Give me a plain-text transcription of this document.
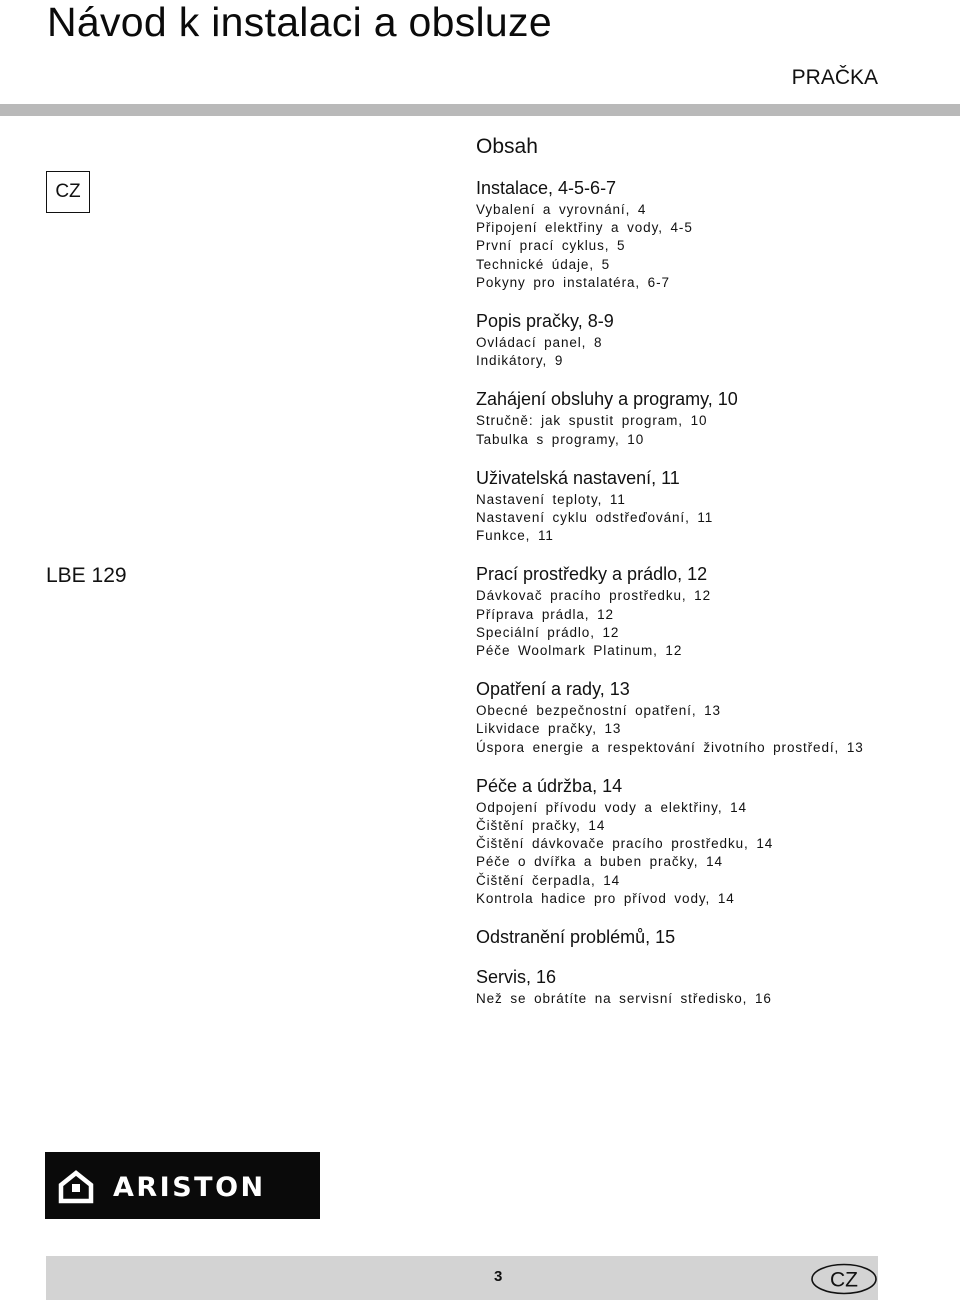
Návod k instalaci a obsluze
PRAČKA
CZ
LBE 129
Obsah
Instalace, 4-5-6-7
Vybalení a vyrovnání, 4
Připojení elektřiny a vody, 4-5
První prací cyklus, 5
Technické údaje, 5
Pokyny pro instalatéra, 6-7
Popis pračky, 8-9
Ovládací panel, 8
Indikátory, 9
Zahájení obsluhy a programy, 10
Stručně: jak spustit program, 10
Tabulka s programy, 10
Uživatelská nastavení, 11
Nastavení teploty, 11
Nastavení cyklu odstřeďování, 11
Funkce, 11
Prací prostředky a prádlo, 12
Dávkovač pracího prostředku, 12
Příprava prádla, 12
Speciální prádlo, 12
Péče Woolmark Platinum, 12
Opatření a rady, 13
Obecné bezpečnostní opatření, 13
Likvidace pračky, 13
Úspora energie a respektování životního prostředí, 13
Péče a údržba, 14
Odpojení přívodu vody a elektřiny, 14
Čištění pračky, 14
Čištění dávkovače pracího prostředku, 14
Péče o dvířka a buben pračky, 14
Čištění čerpadla, 14
Kontrola hadice pro přívod vody, 14
Odstranění problémů, 15
Servis, 16
Než se obrátíte na servisní středisko, 16
ARISTON
3	CZ
